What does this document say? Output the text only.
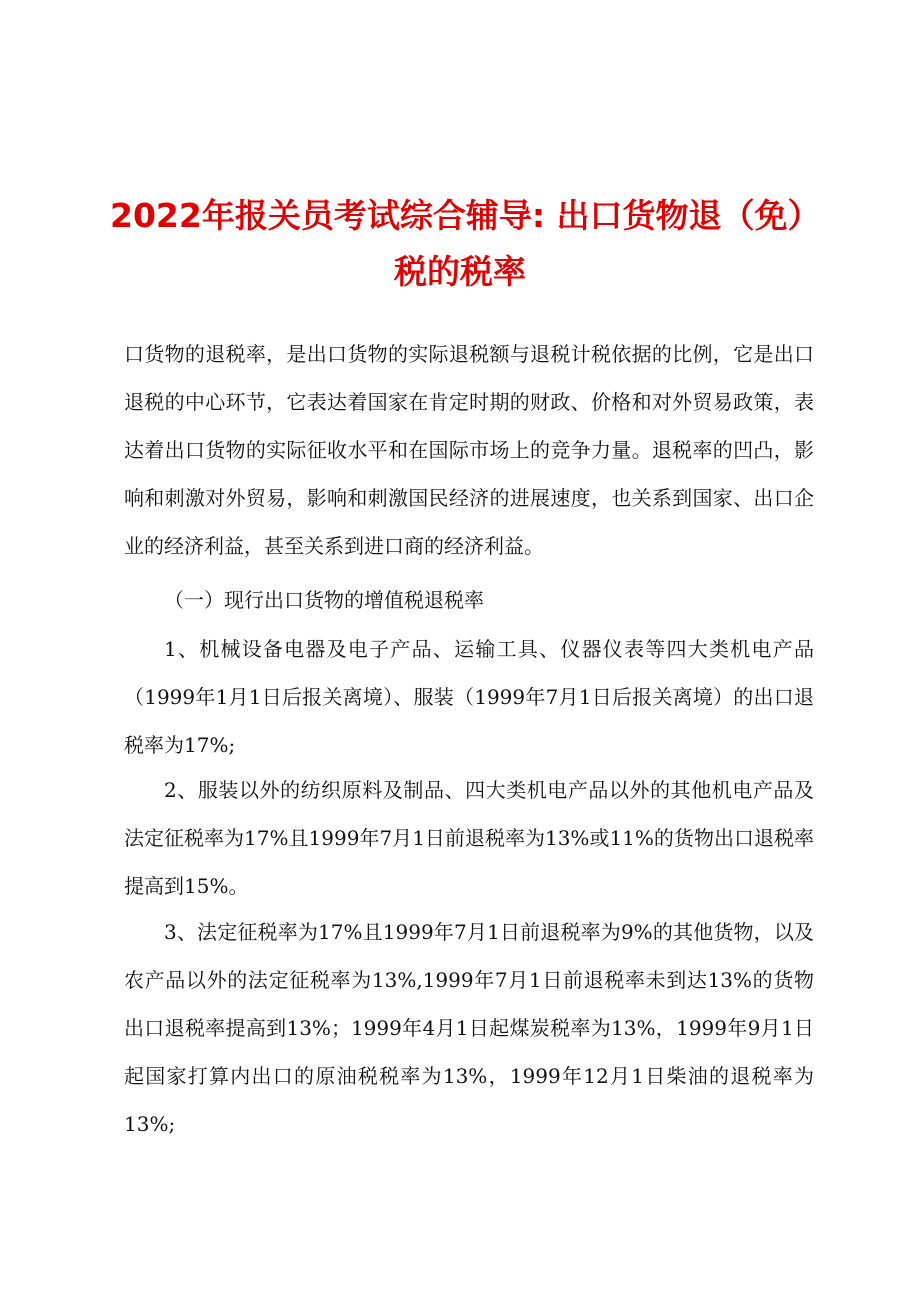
2022年报关员考试综合辅导: 出口货物退（免）
税的税率

口货物的退税率，是出口货物的实际退税额与退税计税依据的比例，它是出口退税的中心环节，它表达着国家在肯定时期的财政、价格和对外贸易政策，表达着出口货物的实际征收水平和在国际市场上的竞争力量。退税率的凹凸，影响和刺激对外贸易，影响和刺激国民经济的进展速度，也关系到国家、出口企业的经济利益，甚至关系到进口商的经济利益。

（一）现行出口货物的增值税退税率

1、机械设备电器及电子产品、运输工具、仪器仪表等四大类机电产品（1999年1月1日后报关离境）、服装（1999年7月1日后报关离境）的出口退税率为17%;

2、服装以外的纺织原料及制品、四大类机电产品以外的其他机电产品及法定征税率为17%且1999年7月1日前退税率为13%或11%的货物出口退税率提高到15%。

3、法定征税率为17%且1999年7月1日前退税率为9%的其他货物，以及农产品以外的法定征税率为13%,1999年7月1日前退税率未到达13%的货物出口退税率提高到13%；1999年4月1日起煤炭税率为13%，1999年9月1日起国家打算内出口的原油税税率为13%，1999年12月1日柴油的退税率为13%;
